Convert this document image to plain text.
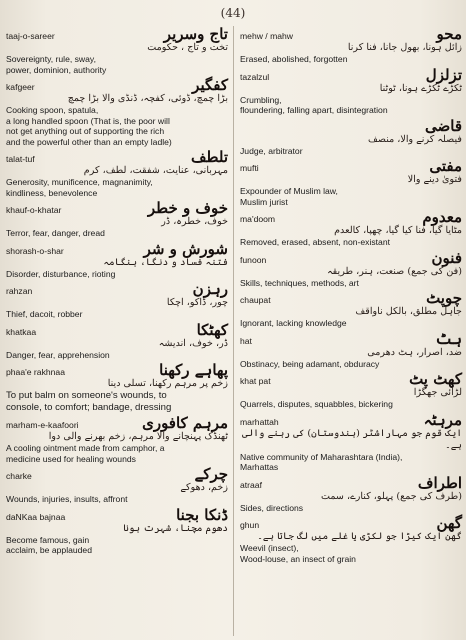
(44)
taaj-o-sareer	تاج وسریر
تخت و تاج ، حکومت
Sovereignty, rule, sway,
power, dominion, authority
kafgeer	کفگیر
بڑا چمچ، ڈوئی، کفچہ، ڈنڈی والا بڑا چمچ
Cooking spoon, spatula,
a long handled spoon (That is, the poor will
not get anything out of supporting the rich
and the powerful other than an empty ladle)
talat-tuf	تلطف
مہربانی، عنایت، شفقت، لطف، کرم
Generosity, munificence, magnanimity,
kindliness, benevolence
khauf-o-khatar	خوف و خطر
خوف، خطرہ، ڈر
Terror, fear, danger, dread
shorash-o-shar	شورش و شر
فتنہ فساد و دنگا، ہنگامہ
Disorder, disturbance, rioting
rahzan	رہزن
چور، ڈاکو، اچکا
Thief, dacoit, robber
khatkaa	کھٹکا
ڈر، خوف، اندیشہ
Danger, fear, apprehension
phaa'e rakhnaa	پھاہے رکھنا
زخم پر مرہم رکھنا، تسلی دینا
To put balm on someone's wounds, to
console, to comfort; bandage, dressing
marham-e-kaafoori	مرہم کافوری
ٹھنڈک پہنچانے والا مرہم، زخم بھرنے والی دوا
A cooling ointment made from camphor, a
medicine used for healing wounds
charke	چرکے
زخم، دھوکے
Wounds, injuries, insults, affront
daNKaa bajnaa	ڈنکا بجنا
دھوم مچنا، شہرت ہونا
Become famous, gain
acclaim, be applauded
mehw / mahw	محو
زائل ہونا، بھول جانا، فنا کرنا
Erased, abolished, forgotten
tazalzul	تزلزل
ٹکڑے ٹکڑے ہونا، ٹوٹنا
Crumbling,
floundering, falling apart, disintegration
قاضی
فیصلہ کرنے والا، منصف
Judge, arbitrator
mufti	مفتی
فتویٰ دینے والا
Expounder of Muslim law,
Muslim jurist
ma'doom	معدوم
مٹایا گیا، فنا کیا گیا، چھپا، کالعدم
Removed, erased, absent, non-existant
funoon	فنون
(فن کی جمع) صنعت، ہنر، طریقہ
Skills, techniques, methods, art
chaupat	چوپٹ
جاہل مطلق، بالکل ناواقف
Ignorant, lacking knowledge
hat	ہٹ
ضد، اصرار، ہٹ دھرمی
Obstinacy, being adamant, obduracy
khat pat	کھٹ پٹ
لڑائی جھگڑا
Quarrels, disputes, squabbles, bickering
marhattah	مرہٹہ
ایک قوم جو مہاراشٹر (ہندوستان) کی رہنے والی ہے۔
Native community of Maharashtara (India),
Marhattas
atraaf	اطراف
(طرف کی جمع) پہلو، کنارے، سمت
Sides, directions
ghun	گھن
گھن ایک کیڑا جو لکڑی یا غلے میں لگ جاتا ہے۔
Weevil (insect),
Wood-louse, an insect of grain
